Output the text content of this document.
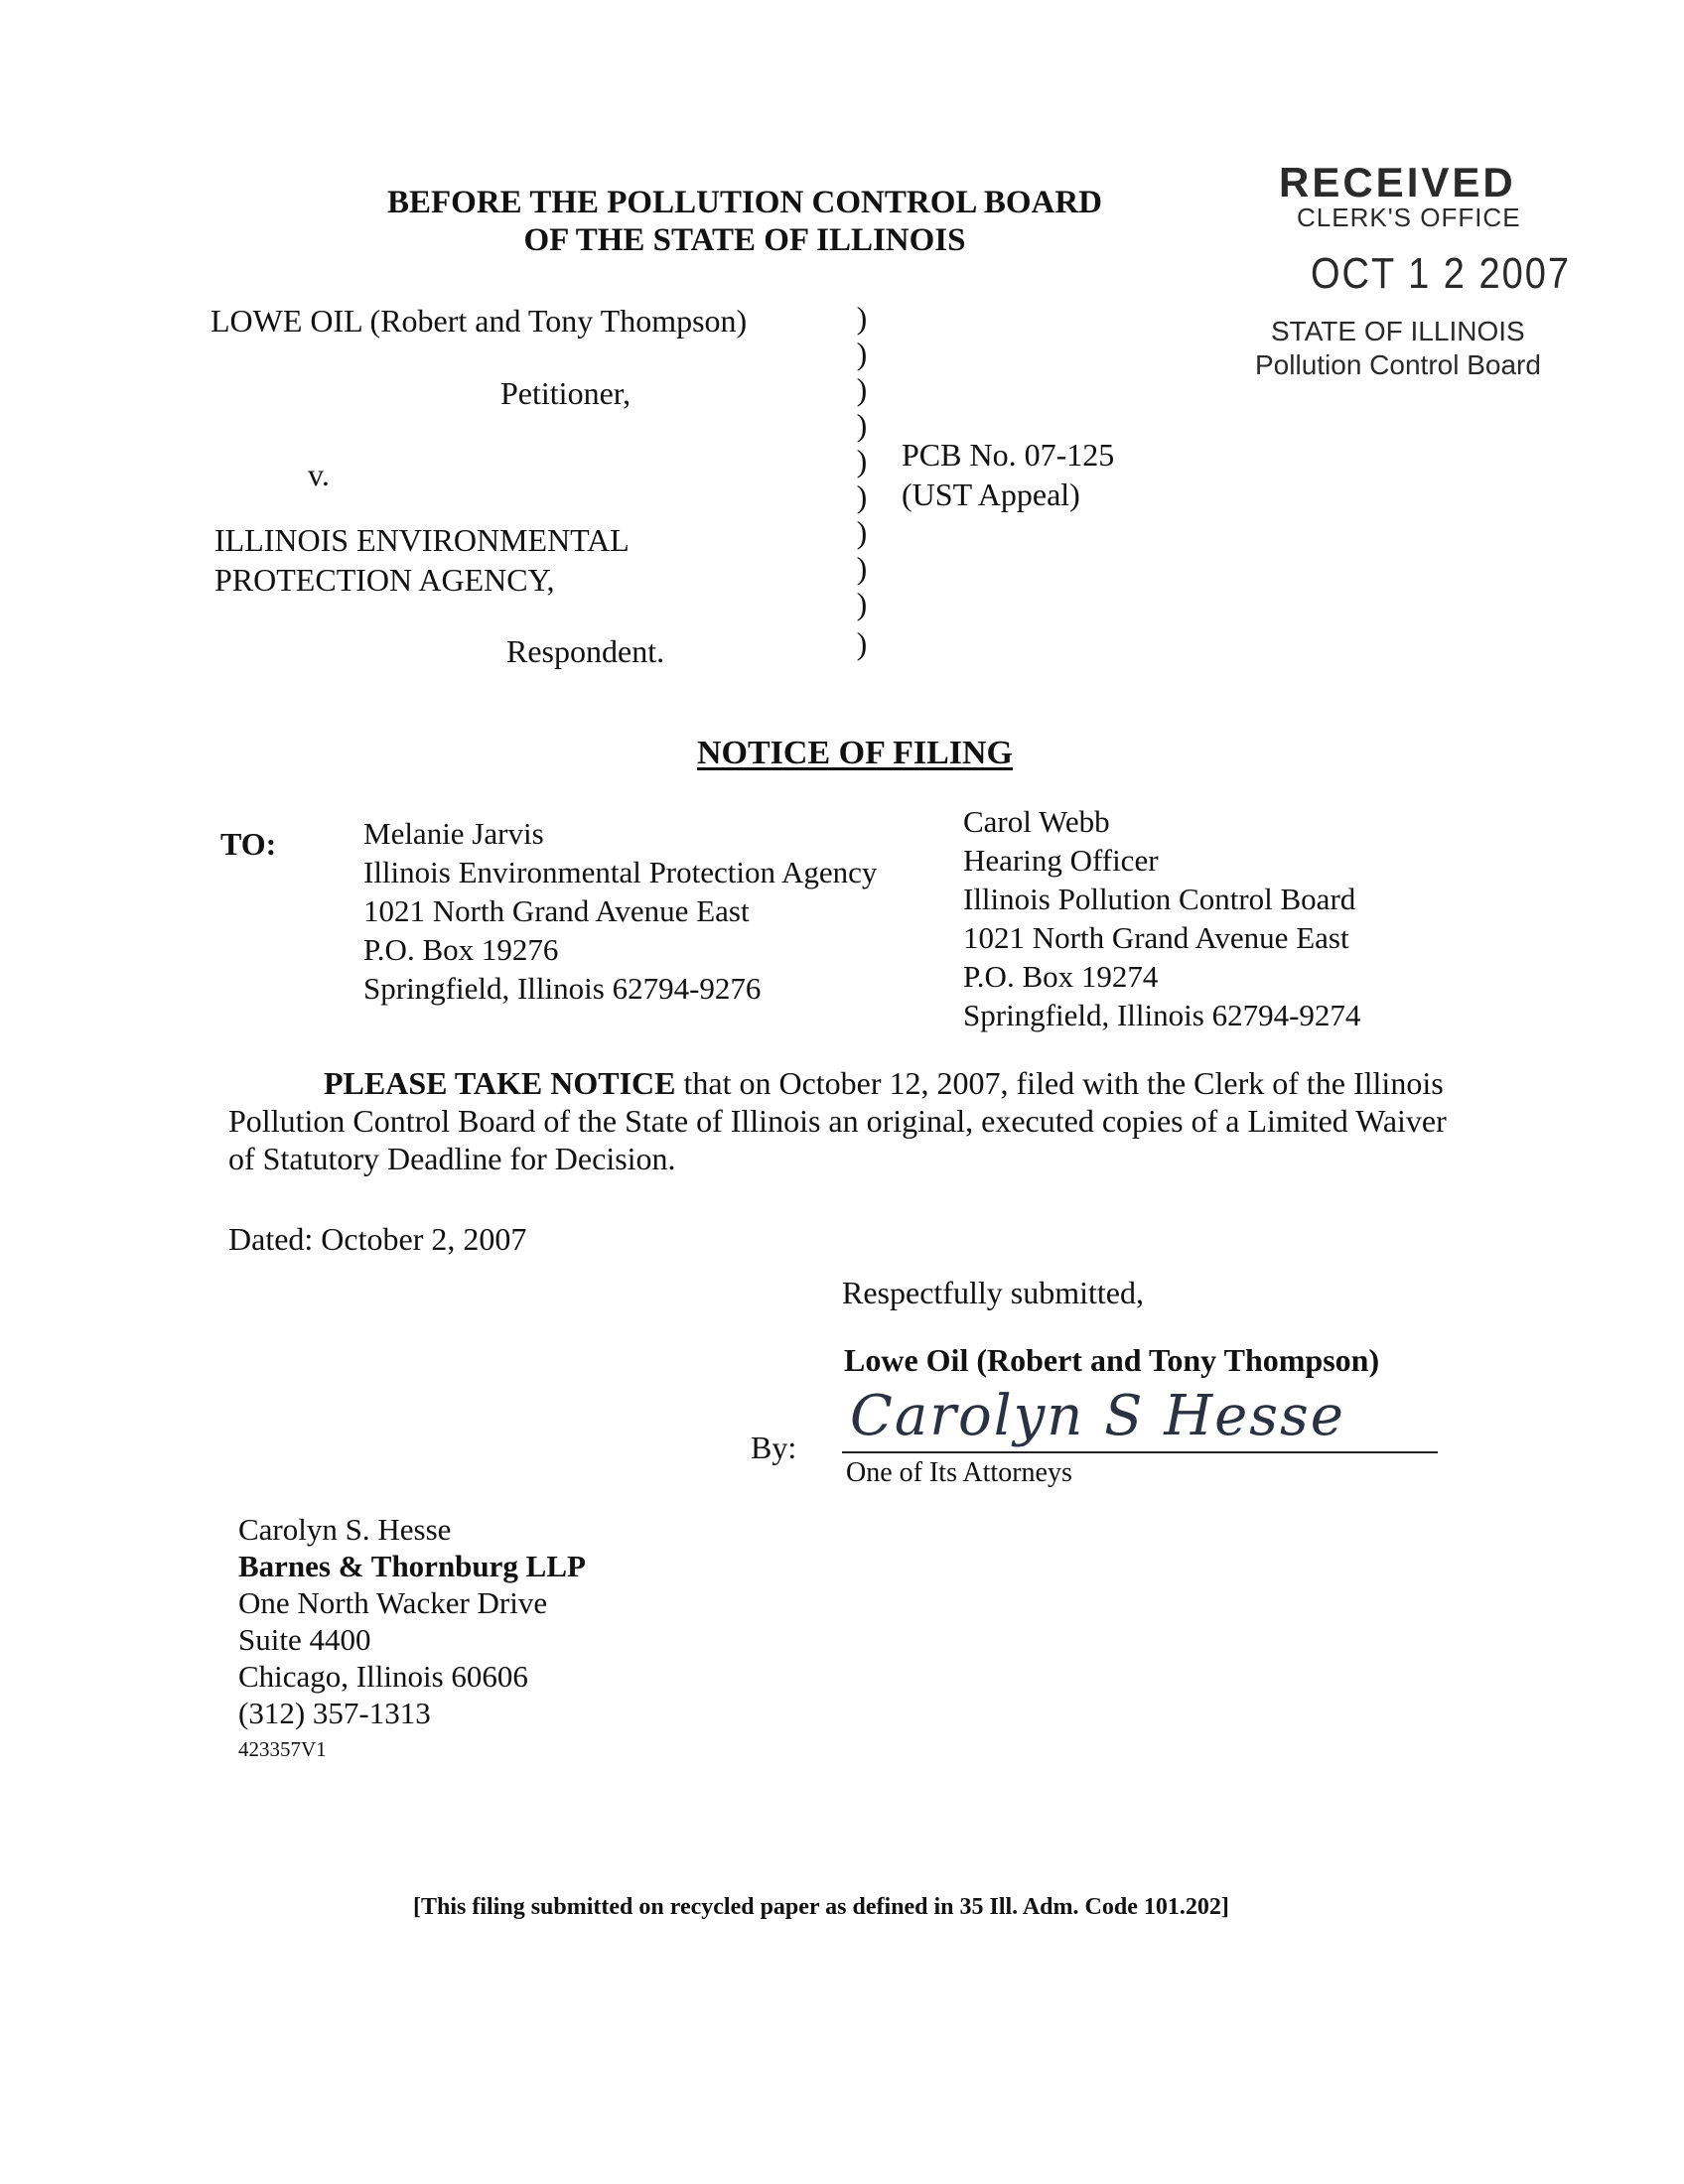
BEFORE THE POLLUTION CONTROL BOARD
OF THE STATE OF ILLINOIS
RECEIVED
CLERK'S OFFICE
OCT 1 2 2007
STATE OF ILLINOIS
Pollution Control Board
LOWE OIL (Robert and Tony Thompson)
Petitioner,
v.
ILLINOIS ENVIRONMENTAL
PROTECTION AGENCY,
Respondent.
)
)
)
)
)
)
)
)
)
)
PCB No. 07-125
(UST Appeal)
NOTICE OF FILING
TO:	Melanie Jarvis
Illinois Environmental Protection Agency
1021 North Grand Avenue East
P.O. Box 19276
Springfield, Illinois 62794-9276
Carol Webb
Hearing Officer
Illinois Pollution Control Board
1021 North Grand Avenue East
P.O. Box 19274
Springfield, Illinois 62794-9274
PLEASE TAKE NOTICE that on October 12, 2007, filed with the Clerk of the Illinois
Pollution Control Board of the State of Illinois an original, executed copies of a Limited Waiver
of Statutory Deadline for Decision.
Dated: October 2, 2007
Respectfully submitted,
Lowe Oil (Robert and Tony Thompson)
By: Carolyn S Hesse
One of Its Attorneys
Carolyn S. Hesse
Barnes & Thornburg LLP
One North Wacker Drive
Suite 4400
Chicago, Illinois 60606
(312) 357-1313
423357V1
[This filing submitted on recycled paper as defined in 35 Ill. Adm. Code 101.202]
